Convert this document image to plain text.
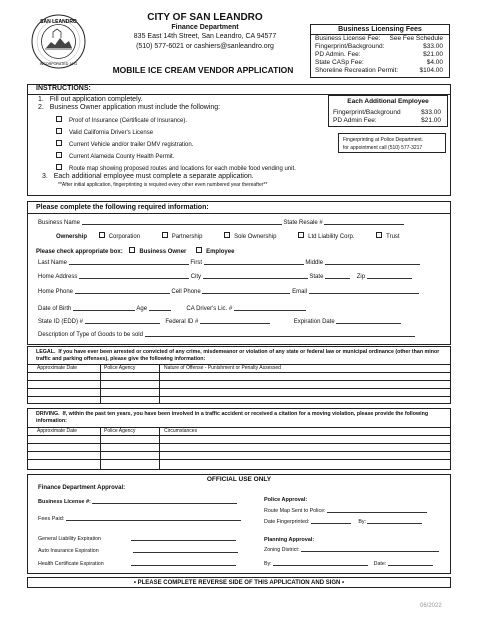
SAN LEANDRO
INCORPORATED 1872
CITY OF SAN LEANDRO
Finance Department
835 East 14th Street, San Leandro, CA 94577
(510) 577-6021 or cashiers@sanleandro.org
MOBILE ICE CREAM VENDOR APPLICATION
Business Licensing Fees
Business License Fee: See Fee Schedule
Fingerprint/Background:	$33.00
PD Admin. Fee:	$21.00
State CASp Fee:	$4.00
Shoreline Recreation Permit:	$104.00
INSTRUCTIONS:
1.   Fill out application completely.
2.   Business Owner application must include the following:
Proof of Insurance (Certificate of Insurance).
Valid California Driver's License
Current Vehicle and/or trailer DMV registration.
Current Alameda County Health Permit.
Route map showing proposed routes and locations for each mobile food vending unit.
3.   Each additional employee must complete a separate application.
**After initial application, fingerprinting is required every other even numbered year thereafter**
Each Additional Employee
Fingerprint/Background	$33.00
PD Admin Fee:	$21.00
Fingerprinting at Police Department.
for appointment call (510) 577-3217
Please complete the following required information:
Business Name	State Resale #
Ownership	Corporation	Partnership	Sole Ownership	Ltd Liability Corp.	Trust
Please check appropriate box:	Business Owner	Employee
Last Name	First	Middle
Home Address	City	State	Zip
Home Phone	Cell Phone	Email
Date of Birth	Age	CA Driver's Lic. #
State ID (EDD) #	Federal ID #	Expiration Date
Description of Type of Goods to be sold
LEGAL. If you have ever been arrested or convicted of any crime, misdemeanor or violation of any state or federal law or municipal ordinance (other than minor traffic and parking offenses), please give the following information:
Approximate Date	Police Agency	Nature of Offense - Punishment or Penalty Assessed
DRIVING. If, within the past ten years, you have been involved in a traffic accident or received a citation for a moving violation, please provide the following information:
Approximate Date	Police Agency	Circumstances
OFFICIAL USE ONLY
Finance Department Approval:
Business License #:
Fees Paid:
General Liability Expiration
Auto Insurance Expiration
Health Certificate Expiration
Police Approval:
Route Map Sent to Police:
Date Fingerprinted:	By:
Planning Approval:
Zoning District:
By:	Date:
• PLEASE COMPLETE REVERSE SIDE OF THIS APPLICATION AND SIGN •
06/2022
